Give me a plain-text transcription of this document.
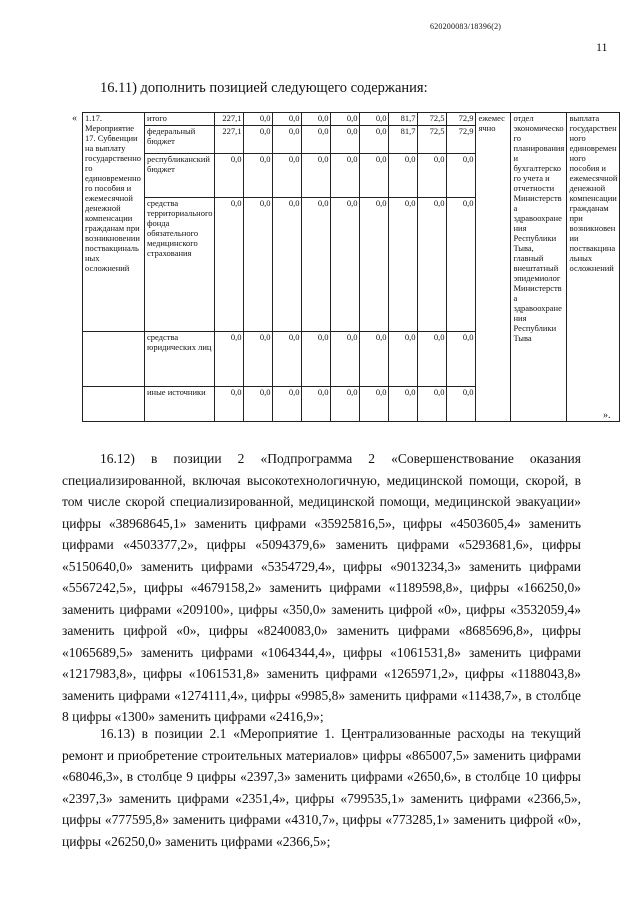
620200083/18396(2)
11
16.11) дополнить позицией следующего содержания:
« 1.17. Мероприятие 17. Субвенции на выплату государственного единовременного пособия и ежемесячной денежной компенсации гражданам при возникновении поствакцинальных осложнений	итого	227,1	0,0	0,0	0,0	0,0	0,0	81,7	72,5	72,9	ежемесячно	отдел экономического планирования и бухгалтерского учета и отчетности Министерства здравоохранения Республики Тыва, главный внештатный эпидемиолог Министерства здравоохранения Республики Тыва	выплата государственного единовременного пособия и ежемесячной денежной компенсации гражданам при возникновении поствакцинальных осложнений
	федеральный бюджет	227,1	0,0	0,0	0,0	0,0	0,0	81,7	72,5	72,9			
	республиканский бюджет	0,0	0,0	0,0	0,0	0,0	0,0	0,0	0,0	0,0			
	средства территориального фонда обязательного медицинского страхования	0,0	0,0	0,0	0,0	0,0	0,0	0,0	0,0	0,0			
	средства юридических лиц	0,0	0,0	0,0	0,0	0,0	0,0	0,0	0,0	0,0			
	иные источники	0,0	0,0	0,0	0,0	0,0	0,0	0,0	0,0	0,0			
».

16.12) в позиции 2 «Подпрограмма 2 «Совершенствование оказания специализированной, включая высокотехнологичную, медицинской помощи, скорой, в том числе скорой специализированной, медицинской помощи, медицинской эвакуации» цифры «38968645,1» заменить цифрами «35925816,5», цифры «4503605,4» заменить цифрами «4503377,2», цифры «5094379,6» заменить цифрами «5293681,6», цифры «5150640,0» заменить цифрами «5354729,4», цифры «9013234,3» заменить цифрами «5567242,5», цифры «4679158,2» заменить цифрами «1189598,8», цифры «166250,0» заменить цифрами «209100», цифры «350,0» заменить цифрой «0», цифры «3532059,4» заменить цифрой «0», цифры «8240083,0» заменить цифрами «8685696,8», цифры «1065689,5» заменить цифрами «1064344,4», цифры «1061531,8» заменить цифрами «1217983,8», цифры «1061531,8» заменить цифрами «1265971,2», цифры «1188043,8» заменить цифрами «1274111,4», цифры «9985,8» заменить цифрами «11438,7», в столбце 8 цифры «1300» заменить цифрами «2416,9»;

16.13) в позиции 2.1 «Мероприятие 1. Централизованные расходы на текущий ремонт и приобретение строительных материалов» цифры «865007,5» заменить цифрами «68046,3», в столбце 9 цифры «2397,3» заменить цифрами «2650,6», в столбце 10 цифры «2397,3» заменить цифрами «2351,4», цифры «799535,1» заменить цифрами «2366,5», цифры «777595,8» заменить цифрами «4310,7», цифры «773285,1» заменить цифрой «0», цифры «26250,0» заменить цифрами «2366,5»;
